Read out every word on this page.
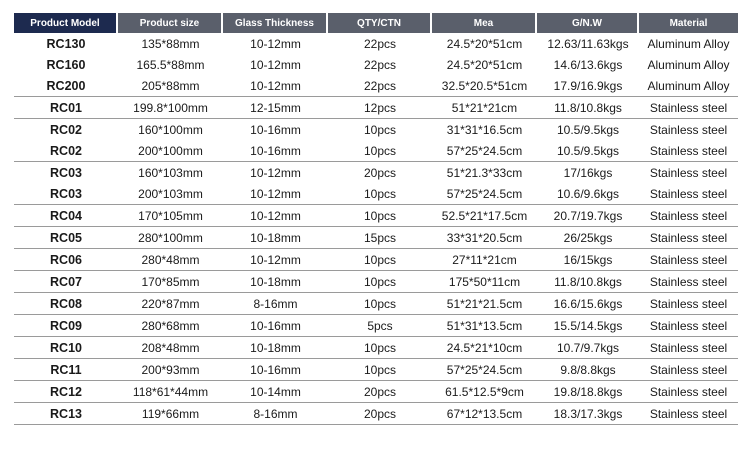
Product Model	Product size	Glass Thickness	QTY/CTN	Mea	G/N.W	Material
RC130	135*88mm	10-12mm	22pcs	24.5*20*51cm	12.63/11.63kgs	Aluminum Alloy
RC160	165.5*88mm	10-12mm	22pcs	24.5*20*51cm	14.6/13.6kgs	Aluminum Alloy
RC200	205*88mm	10-12mm	22pcs	32.5*20.5*51cm	17.9/16.9kgs	Aluminum Alloy
RC01	199.8*100mm	12-15mm	12pcs	51*21*21cm	11.8/10.8kgs	Stainless steel
RC02	160*100mm	10-16mm	10pcs	31*31*16.5cm	10.5/9.5kgs	Stainless steel
RC02	200*100mm	10-16mm	10pcs	57*25*24.5cm	10.5/9.5kgs	Stainless steel
RC03	160*103mm	10-12mm	20pcs	51*21.3*33cm	17/16kgs	Stainless steel
RC03	200*103mm	10-12mm	10pcs	57*25*24.5cm	10.6/9.6kgs	Stainless steel
RC04	170*105mm	10-12mm	10pcs	52.5*21*17.5cm	20.7/19.7kgs	Stainless steel
RC05	280*100mm	10-18mm	15pcs	33*31*20.5cm	26/25kgs	Stainless steel
RC06	280*48mm	10-12mm	10pcs	27*11*21cm	16/15kgs	Stainless steel
RC07	170*85mm	10-18mm	10pcs	175*50*11cm	11.8/10.8kgs	Stainless steel
RC08	220*87mm	8-16mm	10pcs	51*21*21.5cm	16.6/15.6kgs	Stainless steel
RC09	280*68mm	10-16mm	5pcs	51*31*13.5cm	15.5/14.5kgs	Stainless steel
RC10	208*48mm	10-18mm	10pcs	24.5*21*10cm	10.7/9.7kgs	Stainless steel
RC11	200*93mm	10-16mm	10pcs	57*25*24.5cm	9.8/8.8kgs	Stainless steel
RC12	118*61*44mm	10-14mm	20pcs	61.5*12.5*9cm	19.8/18.8kgs	Stainless steel
RC13	119*66mm	8-16mm	20pcs	67*12*13.5cm	18.3/17.3kgs	Stainless steel
